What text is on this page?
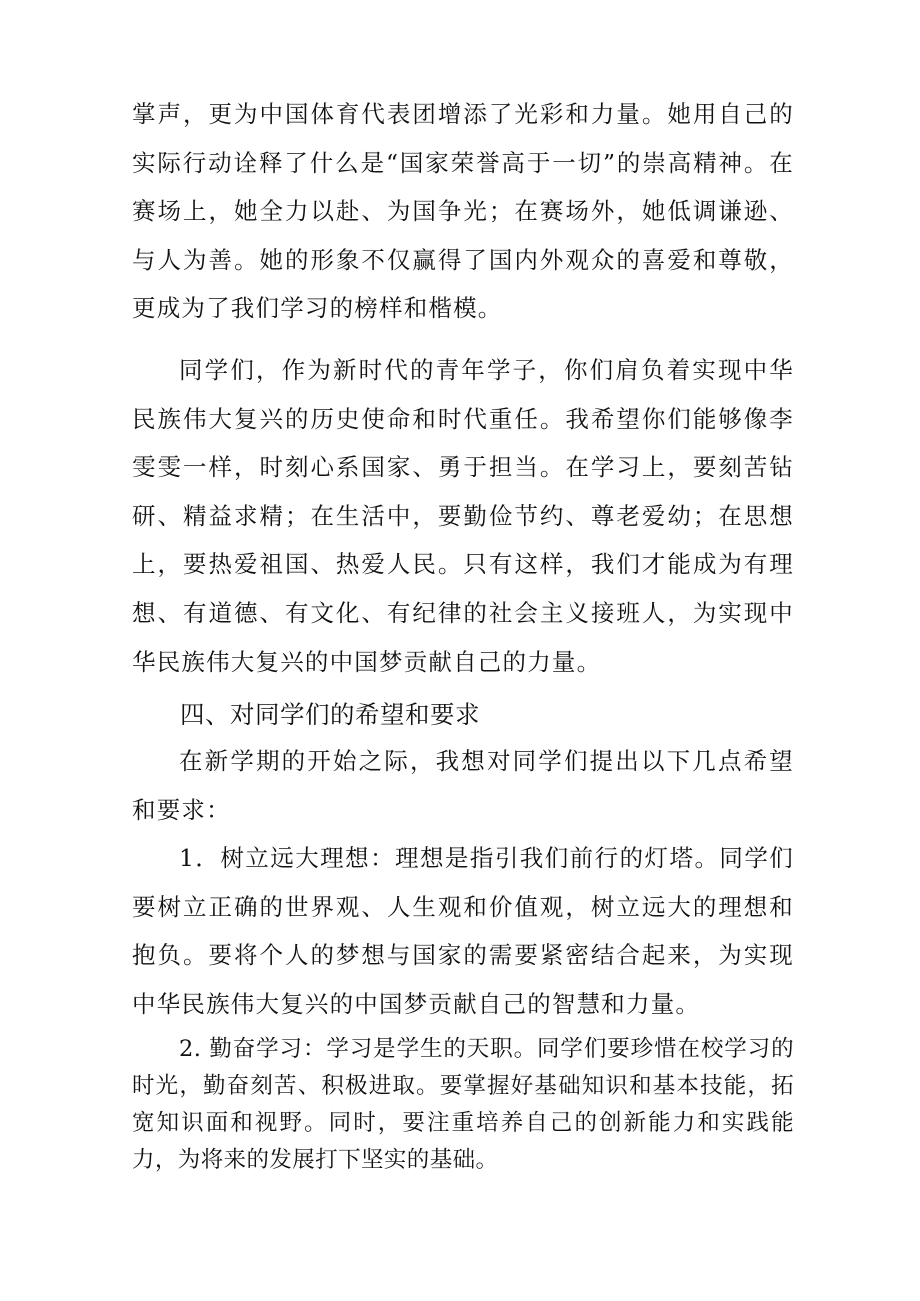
掌声，更为中国体育代表团增添了光彩和力量。她用自己的实际行动诠释了什么是“国家荣誉高于一切”的崇高精神。在赛场上，她全力以赴、为国争光；在赛场外，她低调谦逊、与人为善。她的形象不仅赢得了国内外观众的喜爱和尊敬，更成为了我们学习的榜样和楷模。

同学们，作为新时代的青年学子，你们肩负着实现中华民族伟大复兴的历史使命和时代重任。我希望你们能够像李雯雯一样，时刻心系国家、勇于担当。在学习上，要刻苦钻研、精益求精；在生活中，要勤俭节约、尊老爱幼；在思想上，要热爱祖国、热爱人民。只有这样，我们才能成为有理想、有道德、有文化、有纪律的社会主义接班人，为实现中华民族伟大复兴的中国梦贡献自己的力量。

四、对同学们的希望和要求

在新学期的开始之际，我想对同学们提出以下几点希望和要求：

1．树立远大理想：理想是指引我们前行的灯塔。同学们要树立正确的世界观、人生观和价值观，树立远大的理想和抱负。要将个人的梦想与国家的需要紧密结合起来，为实现中华民族伟大复兴的中国梦贡献自己的智慧和力量。

2. 勤奋学习：学习是学生的天职。同学们要珍惜在校学习的时光，勤奋刻苦、积极进取。要掌握好基础知识和基本技能，拓宽知识面和视野。同时，要注重培养自己的创新能力和实践能力，为将来的发展打下坚实的基础。
